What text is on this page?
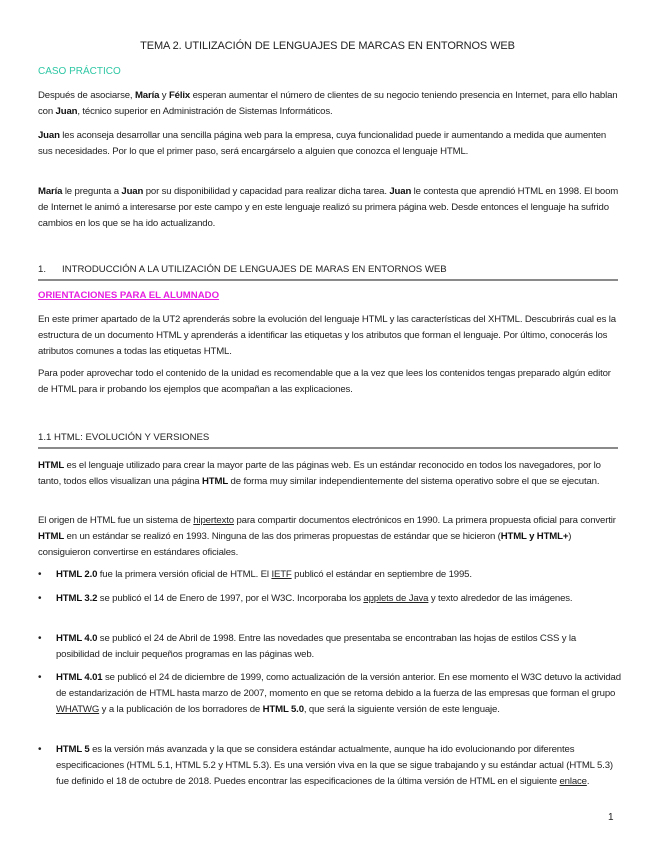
TEMA 2. UTILIZACIÓN DE LENGUAJES DE MARCAS EN ENTORNOS WEB
CASO PRÁCTICO
Después de asociarse, María y Félix esperan aumentar el número de clientes de su negocio teniendo presencia en Internet, para ello hablan con Juan, técnico superior en Administración de Sistemas Informáticos.
Juan les aconseja desarrollar una sencilla página web para la empresa, cuya funcionalidad puede ir aumentando a medida que aumenten sus necesidades. Por lo que el primer paso, será encargárselo a alguien que conozca el lenguaje HTML.
María le pregunta a Juan por su disponibilidad y capacidad para realizar dicha tarea. Juan le contesta que aprendió HTML en 1998. El boom de Internet le animó a interesarse por este campo y en este lenguaje realizó su primera página web. Desde entonces el lenguaje ha sufrido cambios en los que se ha ido actualizando.
1. INTRODUCCIÓN A LA UTILIZACIÓN DE LENGUAJES DE MARAS EN ENTORNOS WEB
ORIENTACIONES PARA EL ALUMNADO
En este primer apartado de la UT2 aprenderás sobre la evolución del lenguaje HTML y las características del XHTML. Descubrirás cual es la estructura de un documento HTML y aprenderás a identificar las etiquetas y los atributos que forman el lenguaje. Por último, conocerás los atributos comunes a todas las etiquetas HTML.
Para poder aprovechar todo el contenido de la unidad es recomendable que a la vez que lees los contenidos tengas preparado algún editor de HTML para ir probando los ejemplos que acompañan a las explicaciones.
1.1 HTML: EVOLUCIÓN Y VERSIONES
HTML es el lenguaje utilizado para crear la mayor parte de las páginas web. Es un estándar reconocido en todos los navegadores, por lo tanto, todos ellos visualizan una página HTML de forma muy similar independientemente del sistema operativo sobre el que se ejecutan.
El origen de HTML fue un sistema de hipertexto para compartir documentos electrónicos en 1990. La primera propuesta oficial para convertir HTML en un estándar se realizó en 1993. Ninguna de las dos primeras propuestas de estándar que se hicieron (HTML y HTML+) consiguieron convertirse en estándares oficiales.
• HTML 2.0 fue la primera versión oficial de HTML. El IETF publicó el estándar en septiembre de 1995.
• HTML 3.2 se publicó el 14 de Enero de 1997, por el W3C. Incorporaba los applets de Java y texto alrededor de las imágenes.
• HTML 4.0 se publicó el 24 de Abril de 1998. Entre las novedades que presentaba se encontraban las hojas de estilos CSS y la posibilidad de incluir pequeños programas en las páginas web.
• HTML 4.01 se publicó el 24 de diciembre de 1999, como actualización de la versión anterior. En ese momento el W3C detuvo la actividad de estandarización de HTML hasta marzo de 2007, momento en que se retoma debido a la fuerza de las empresas que forman el grupo WHATWG y a la publicación de los borradores de HTML 5.0, que será la siguiente versión de este lenguaje.
• HTML 5 es la versión más avanzada y la que se considera estándar actualmente, aunque ha ido evolucionando por diferentes especificaciones (HTML 5.1, HTML 5.2 y HTML 5.3). Es una versión viva en la que se sigue trabajando y su estándar actual (HTML 5.3) fue definido el 18 de octubre de 2018. Puedes encontrar las especificaciones de la última versión de HTML en el siguiente enlace.
1
